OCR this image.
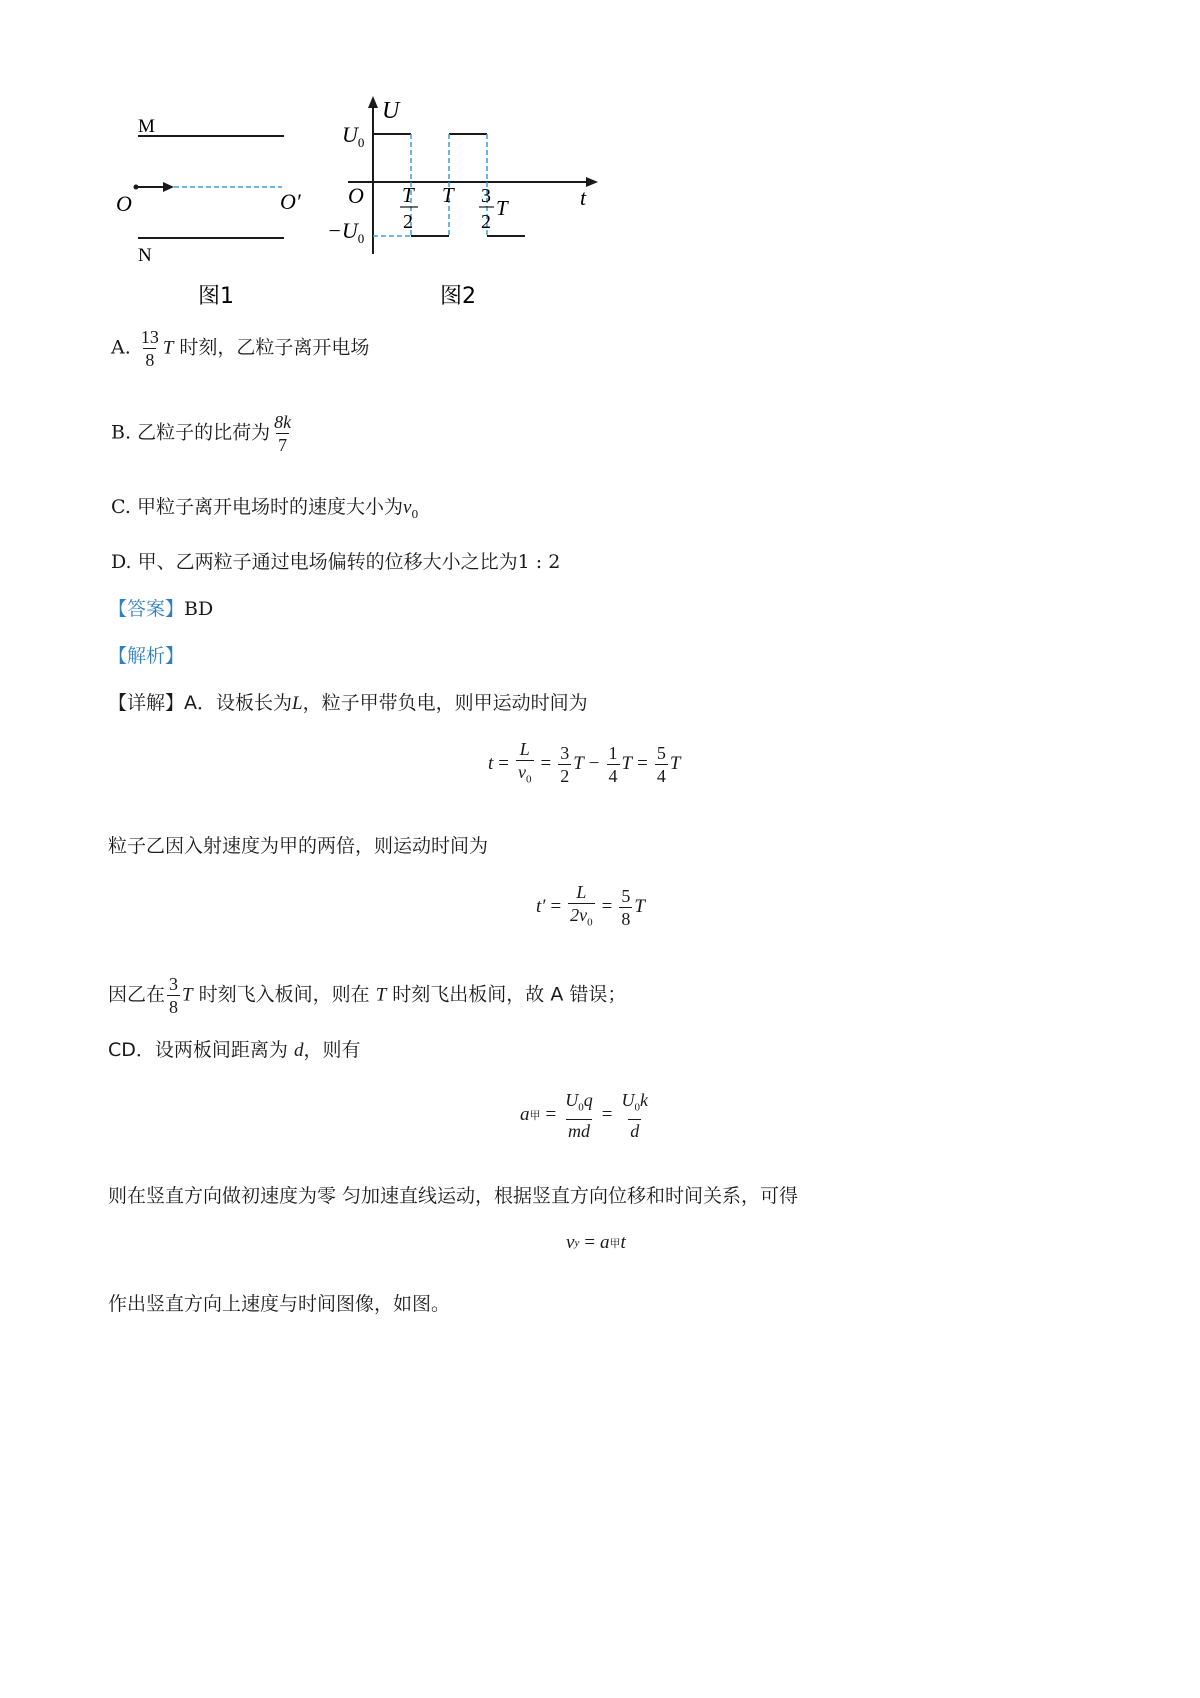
M
N
O	O′
图1
U
t
$U_0$
$-U_0$
O T
2
T 3
2
T
图2
A. $\frac{13}{8}$ T 时刻，乙粒子离开电场
B. 乙粒子的比荷为 $\frac{8k}{7}$
C. 甲粒子离开电场时的速度大小为$v_0$
D. 甲、乙两粒子通过电场偏转的位移大小之比为1 : 2
【答案】BD
【解析】
【详解】A．设板长为L，粒子甲带负电，则甲运动时间为
$t = \frac{L}{v_0} = \frac{3}{2}$ $T - \frac{1}{4}$ $T = \frac{5}{4}$ T
粒子乙因入射速度为甲的两倍，则运动时间为
$t' = \frac{L}{2v_0} = \frac{5}{8}$ T
因乙在 $\frac{3}{8}$ T 时刻飞入板间，则在 T 时刻飞出板间，故 A 错误；
CD．设两板间距离为 d，则有
a 甲 = $\frac{U_0q}{md} = \frac{U_0k}{d}$
则在竖直方向做初速度为零 匀加速直线运动，根据竖直方向位移和时间关系，可得
v y = a 甲 t
作出竖直方向上速度与时间图像，如图。
